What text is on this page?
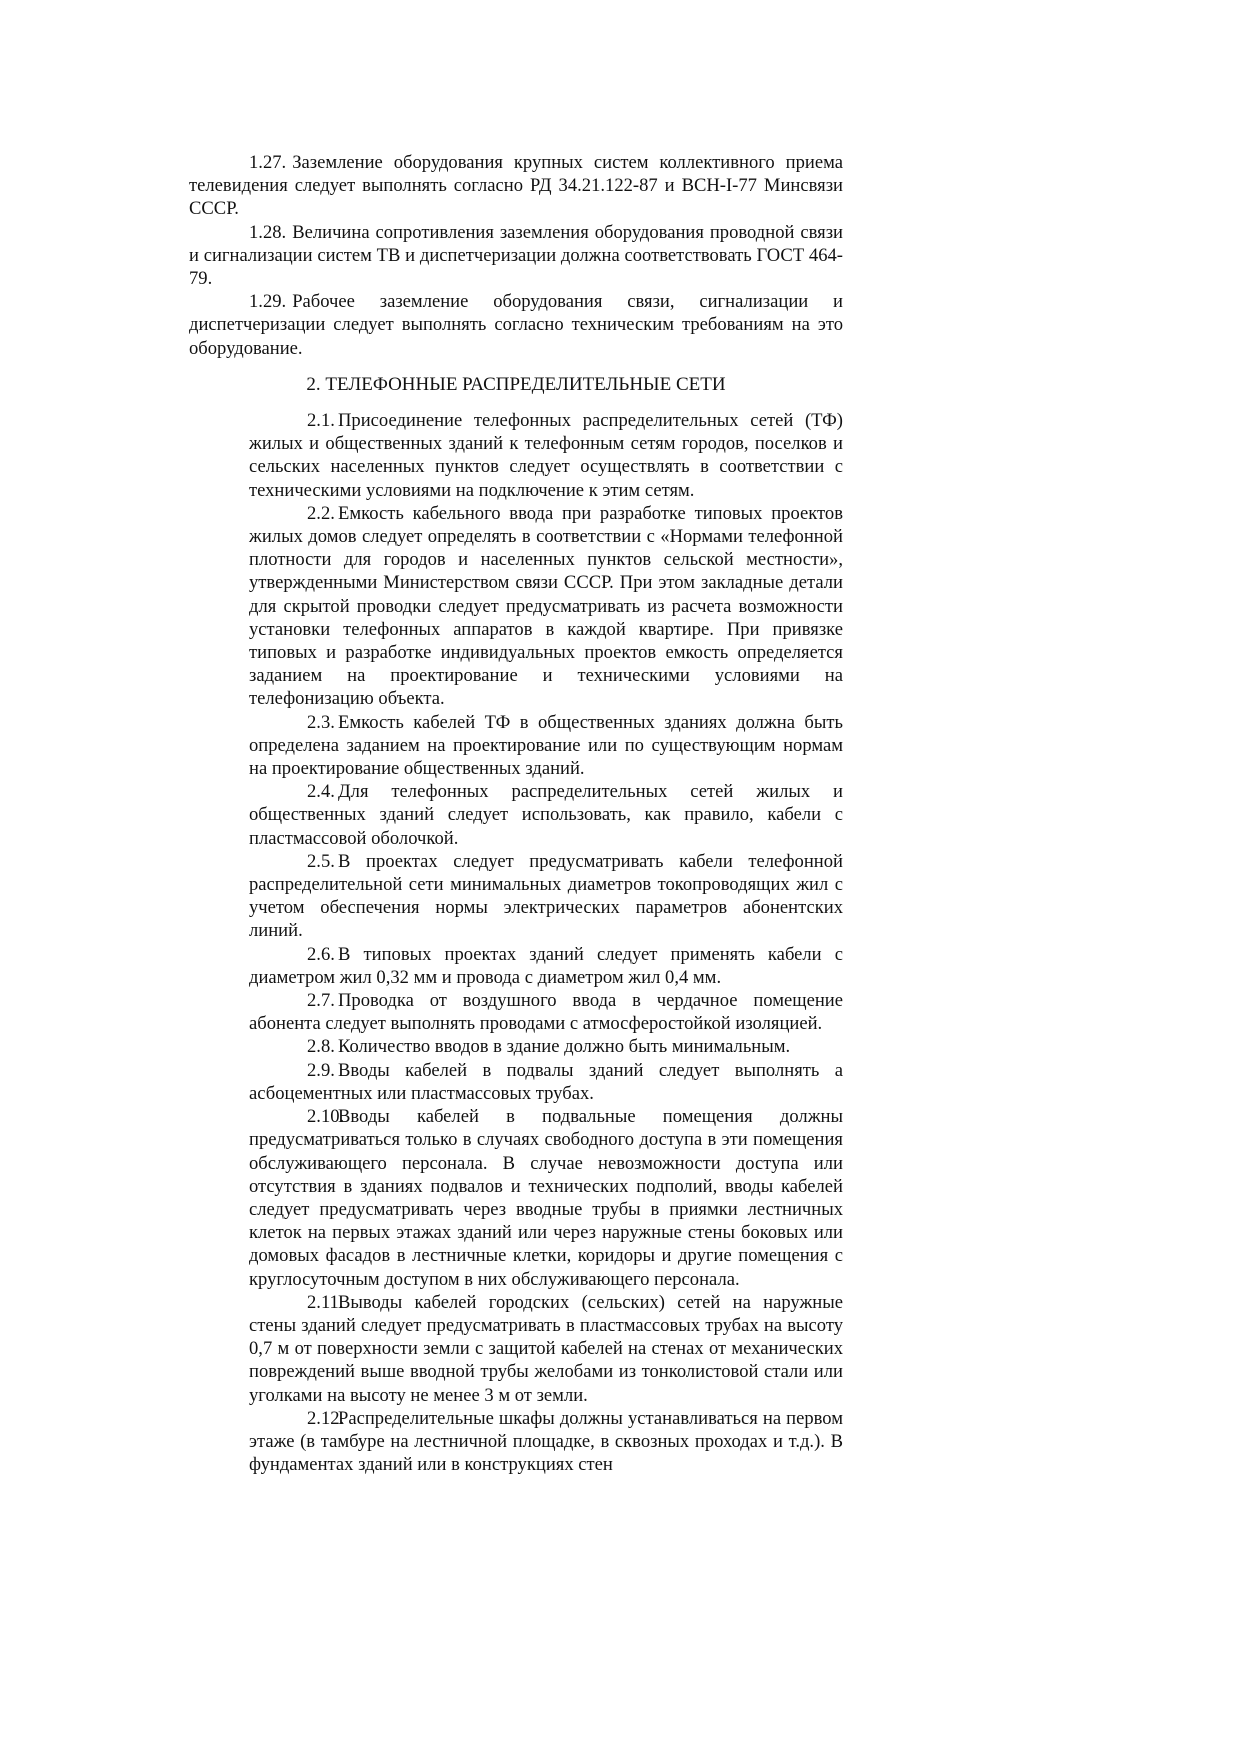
1.27. Заземление оборудования крупных систем коллективного приема телевидения следует выполнять согласно РД 34.21.122-87 и ВСН-I-77 Минсвязи СССР.

1.28. Величина сопротивления заземления оборудования проводной связи и сигнализации систем ТВ и диспетчеризации должна соответствовать ГОСТ 464-79.

1.29. Рабочее заземление оборудования связи, сигнализации и диспетчеризации следует выполнять согласно техническим требованиям на это оборудование.

2. ТЕЛЕФОННЫЕ РАСПРЕДЕЛИТЕЛЬНЫЕ СЕТИ

2.1. Присоединение телефонных распределительных сетей (ТФ) жилых и общественных зданий к телефонным сетям городов, поселков и сельских населенных пунктов следует осуществлять в соответствии с техническими условиями на подключение к этим сетям.

2.2. Емкость кабельного ввода при разработке типовых проектов жилых домов следует определять в соответствии с «Нормами телефонной плотности для городов и населенных пунктов сельской местности», утвержденными Министерством связи СССР. При этом закладные детали для скрытой проводки следует предусматривать из расчета возможности установки телефонных аппаратов в каждой квартире. При привязке типовых и разработке индивидуальных проектов емкость определяется заданием на проектирование и техническими условиями на телефонизацию объекта.

2.3. Емкость кабелей ТФ в общественных зданиях должна быть определена заданием на проектирование или по существующим нормам на проектирование общественных зданий.

2.4. Для телефонных распределительных сетей жилых и общественных зданий следует использовать, как правило, кабели с пластмассовой оболочкой.

2.5. В проектах следует предусматривать кабели телефонной распределительной сети минимальных диаметров токопроводящих жил с учетом обеспечения нормы электрических параметров абонентских линий.

2.6. В типовых проектах зданий следует применять кабели с диаметром жил 0,32 мм и провода с диаметром жил 0,4 мм.

2.7. Проводка от воздушного ввода в чердачное помещение абонента следует выполнять проводами с атмосферостойкой изоляцией.

2.8. Количество вводов в здание должно быть минимальным.

2.9. Вводы кабелей в подвалы зданий следует выполнять а асбоцементных или пластмассовых трубах.

2.10.Вводы кабелей в подвальные помещения должны предусматриваться только в случаях свободного доступа в эти помещения обслуживающего персонала. В случае невозможности доступа или отсутствия в зданиях подвалов и технических подполий, вводы кабелей следует предусматривать через вводные трубы в приямки лестничных клеток на первых этажах зданий или через наружные стены боковых или домовых фасадов в лестничные клетки, коридоры и другие помещения с круглосуточным доступом в них обслуживающего персонала.

2.11.Выводы кабелей городских (сельских) сетей на наружные стены зданий следует предусматривать в пластмассовых трубах на высоту 0,7 м от поверхности земли с защитой кабелей на стенах от механических повреждений выше вводной трубы желобами из тонколистовой стали или уголками на высоту не менее 3 м от земли.

2.12.Распределительные шкафы должны устанавливаться на первом этаже (в тамбуре на лестничной площадке, в сквозных проходах и т.д.). В фундаментах зданий или в конструкциях стен
